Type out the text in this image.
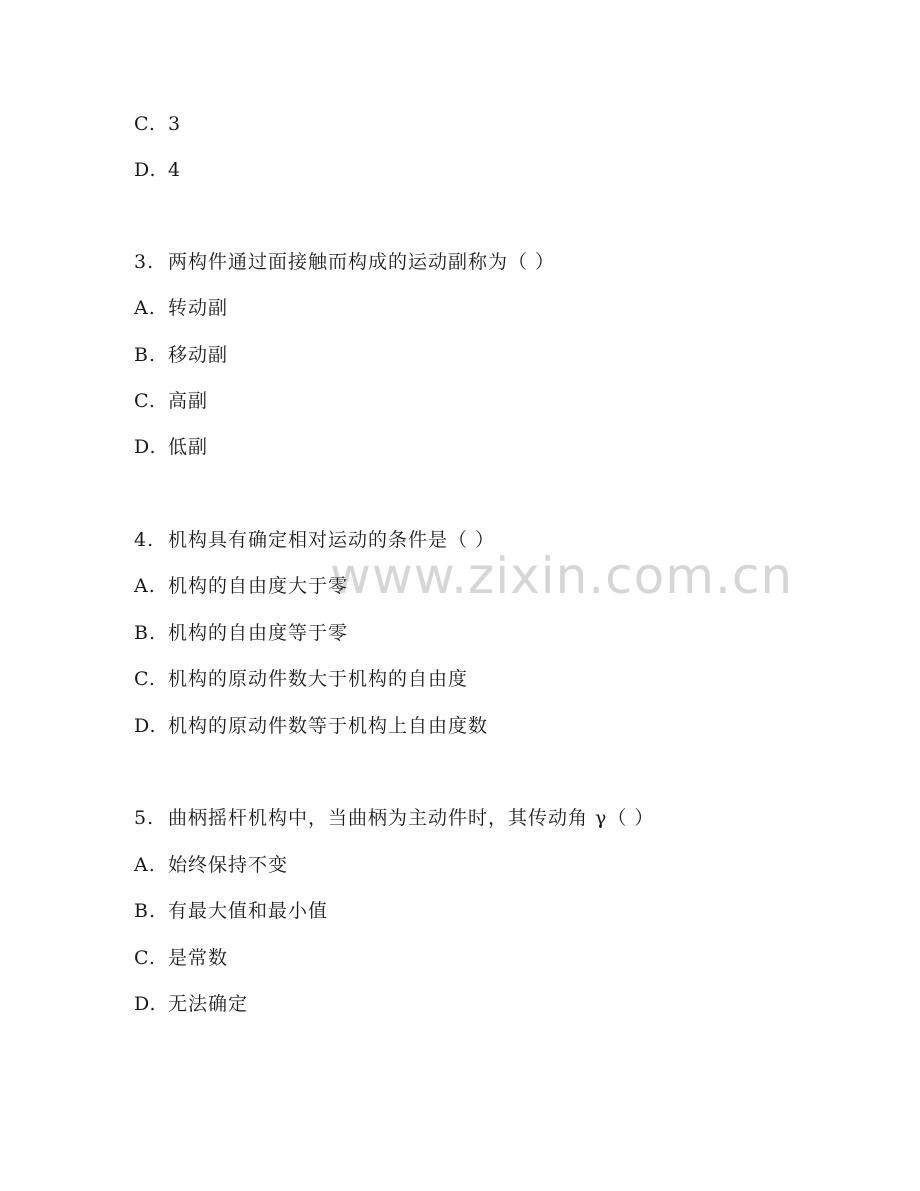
www.zixin.com.cn
C. 3
D. 4
3. 两构件通过面接触而构成的运动副称为（ ）
A. 转动副
B. 移动副
C. 高副
D. 低副
4. 机构具有确定相对运动的条件是（ ）
A. 机构的自由度大于零
B. 机构的自由度等于零
C. 机构的原动件数大于机构的自由度
D. 机构的原动件数等于机构上自由度数
5. 曲柄摇杆机构中，当曲柄为主动件时，其传动角 γ（ ）
A. 始终保持不变
B. 有最大值和最小值
C. 是常数
D. 无法确定
